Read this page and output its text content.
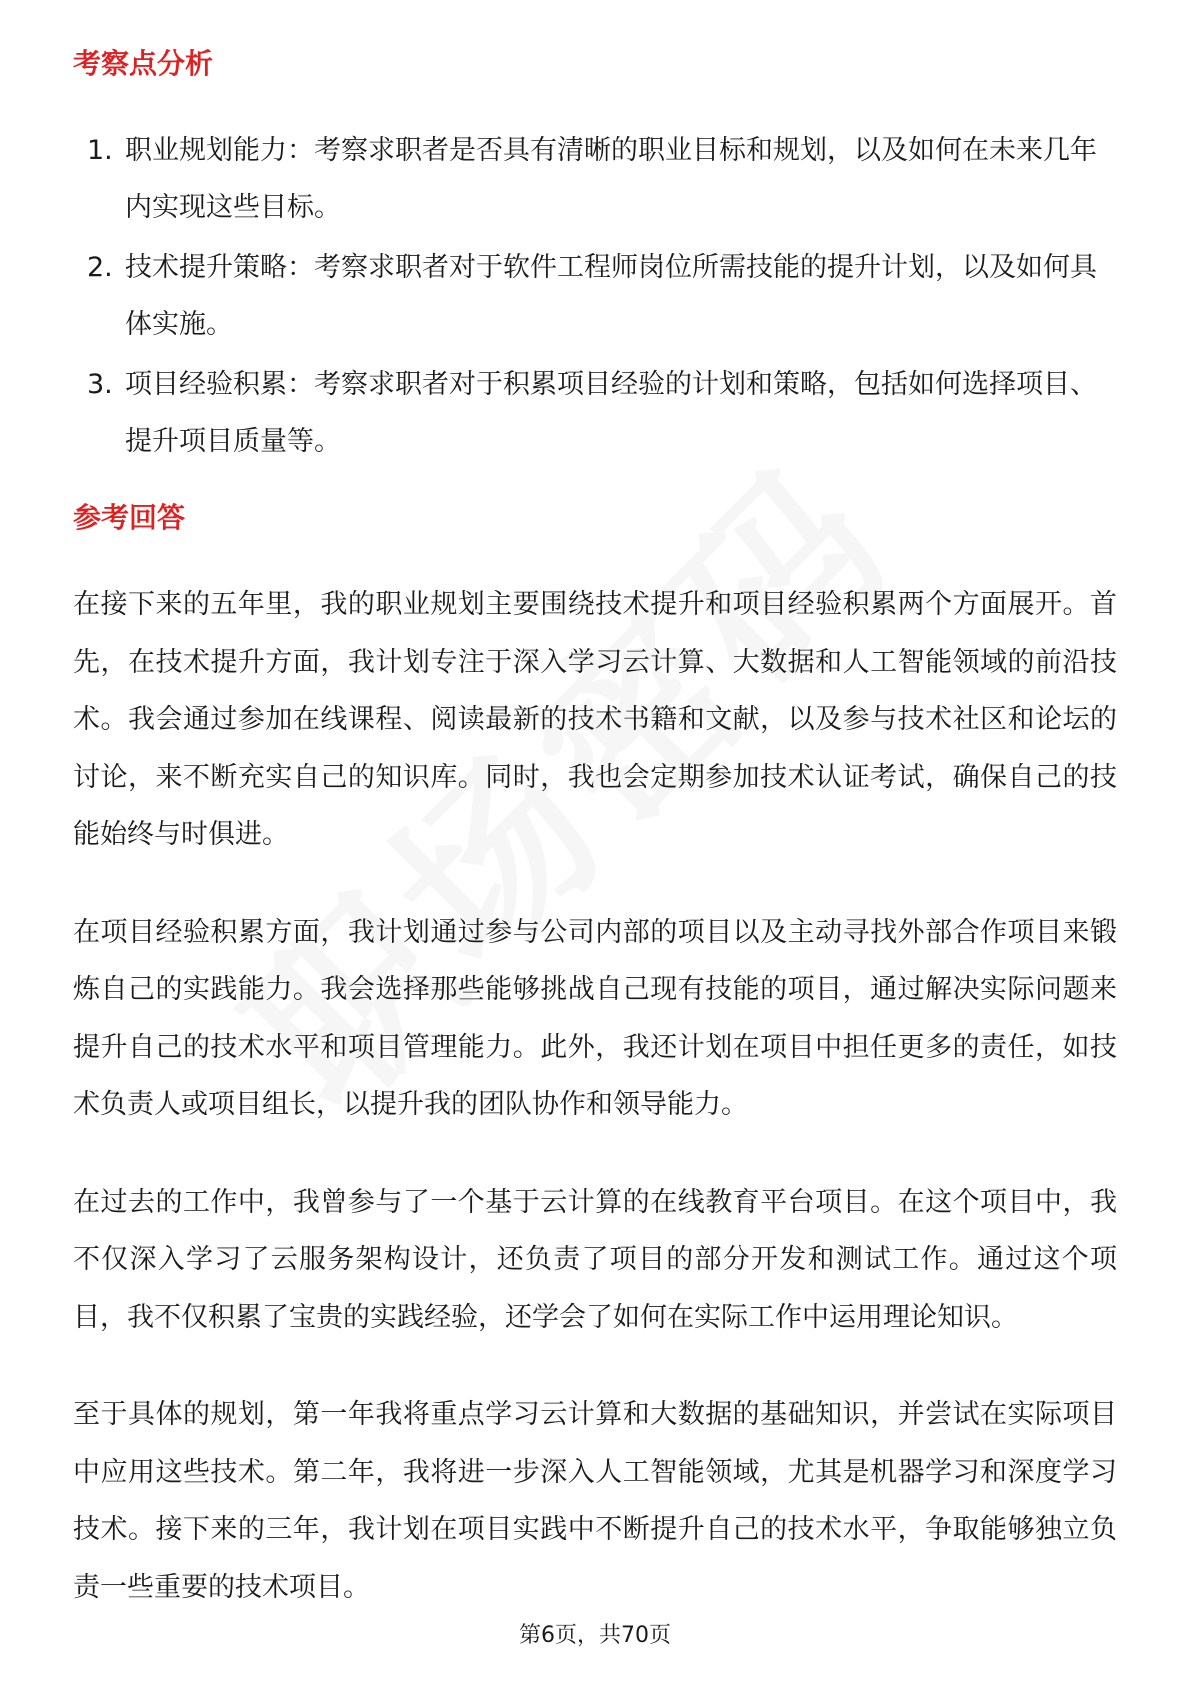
考察点分析
1. 职业规划能力：考察求职者是否具有清晰的职业目标和规划，以及如何在未来几年内实现这些目标。
2. 技术提升策略：考察求职者对于软件工程师岗位所需技能的提升计划，以及如何具体实施。
3. 项目经验积累：考察求职者对于积累项目经验的计划和策略，包括如何选择项目、提升项目质量等。
参考回答

在接下来的五年里，我的职业规划主要围绕技术提升和项目经验积累两个方面展开。首先，在技术提升方面，我计划专注于深入学习云计算、大数据和人工智能领域的前沿技术。我会通过参加在线课程、阅读最新的技术书籍和文献，以及参与技术社区和论坛的讨论，来不断充实自己的知识库。同时，我也会定期参加技术认证考试，确保自己的技能始终与时俱进。

在项目经验积累方面，我计划通过参与公司内部的项目以及主动寻找外部合作项目来锻炼自己的实践能力。我会选择那些能够挑战自己现有技能的项目，通过解决实际问题来提升自己的技术水平和项目管理能力。此外，我还计划在项目中担任更多的责任，如技术负责人或项目组长，以提升我的团队协作和领导能力。

在过去的工作中，我曾参与了一个基于云计算的在线教育平台项目。在这个项目中，我不仅深入学习了云服务架构设计，还负责了项目的部分开发和测试工作。通过这个项目，我不仅积累了宝贵的实践经验，还学会了如何在实际工作中运用理论知识。

至于具体的规划，第一年我将重点学习云计算和大数据的基础知识，并尝试在实际项目中应用这些技术。第二年，我将进一步深入人工智能领域，尤其是机器学习和深度学习技术。接下来的三年，我计划在项目实践中不断提升自己的技术水平，争取能够独立负责一些重要的技术项目。

第6页，共70页
